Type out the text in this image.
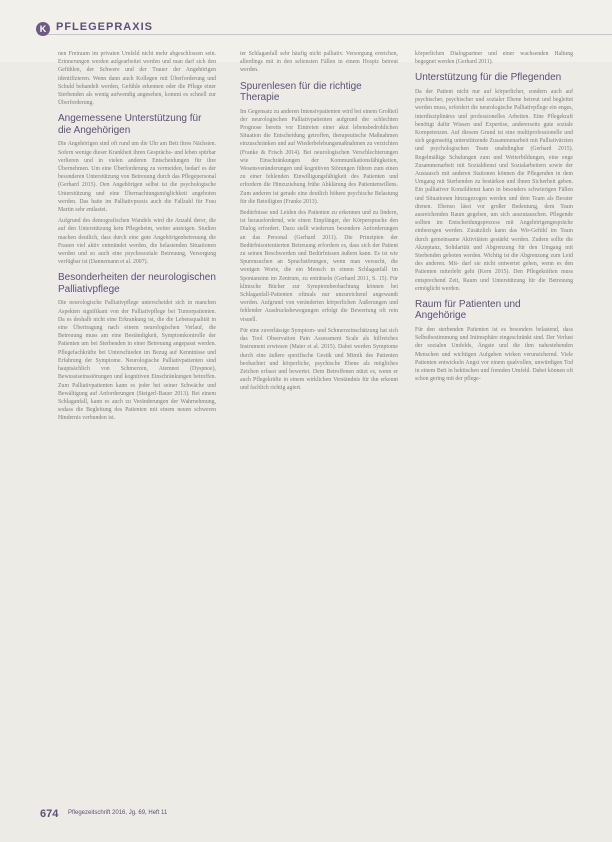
K PFLEGEPRAXIS

nen Freiraum im privaten Umfeld nicht mehr abgeschlossen sein. Erinnerungen werden aufgearbeitet werden und man darf sich den Gefühlen, der Schwere und der Trauer der Angehörigen identifizieren. Wenn dann auch Kollegen mit Überforderung und Schuld behandelt werden, Gefühle erkennen oder die Pflege einer Sterbenden als wenig aufwendig angesehen, kommt es schnell zur Überforderung.

Angemessene Unterstützung für die Angehörigen

Die Angehörigen sind oft rund um die Uhr am Bett ihres Nächsten. Sofern wenige dieser Krankheit ihren Gesprächs- und leben spürbar verlieren und in vielen anderen Entscheidungen für ihre Übernehmen. Um eine Überforderung zu vermeiden, bedarf es der besonderen Unterstützung von Betreuung durch das Pflegepersonal (Gerhard 2015). Den Angehörigen selbst ist die psychologische Unterstützung und eine Übernachtungsmöglichkeit angeboten werden. Das hatte im Palliativpraxis auch die Fallzahl für Frau Martin sehr entlastet.

Aufgrund des demografischen Wandels wird die Anzahl derer, die auf den Unterstützung kein Pflegeheim, weiter ansteigen. Studien machen deutlich, dass durch eine gute Angehörigenbetreuung die Frauen viel aktiv entmündet werden, die belastenden Situationen werden und so auch eine psychosoziale Betreuung, Versorgung verfügbar ist (Dannemann et al. 2007).

Besonderheiten der neurologischen Palliativpflege

Die neurologische Palliativpflege unterscheidet sich in manchen Aspekten signifikant von der Palliativpflege bei Tumorpatienten. Da es deshalb nicht eine Erkrankung ist, die die Lebensqualität in eine Übertragung nach einem neurologischen Verlauf, die Betreuung muss am eine Beständigkeit, Symptomkontrolle der Patienten um bei Sterbenden in einer Betreuung angepasst werden. Pflegefachkräfte bei Unterschieden im Bezug auf Kenntnisse und Erfahrung der Symptome. Neurologische Palliativpatienten sind hauptsächlich von Schmerzen, Atemnot (Dyspnoe), Bewusstseinsstörungen und kognitiven Einschränkungen betroffen. Zum Palliativpatienten kann es jeder bei seiner Schwäche und Bewältigung auf Anforderungen (Steigerl-Bauer 2013). Bei einem Schlaganfall, kann es auch zu Veränderungen der Wahrnehmung, sodass die Begleitung des Patienten mit einem neuen schweren Hindernis verbunden ist.

ter Schlaganfall sehr häufig nicht palliativ. Versorgung erreichen, allerdings mit in den seltensten Fällen in einem Hospiz betreut werden.

Spurenlesen für die richtige Therapie

Im Gegensatz zu anderen Intensivpatienten wird bei einem Großteil der neurologischen Palliativpatienten aufgrund der schlechten Prognose bereits vor Eintreten einer akut lebensbedrohlichen Situation die Entscheidung getroffen, therapeutische Maßnahmen einzuschränken und auf Wiederbelebungsmaßnahmen zu verzichten (Franke & Frisch 2014). Bei neurologischen Verschlechterungen wie Einschränkungen der Kommunikationsfähigkeiten, Wesensveränderungen und kognitiven Störungen führen zum einen zu einer fehlenden Einwilligungsfähigkeit des Patienten und erfordern die Hinzuziehung frühe Abklärung des Patientenwillens. Zum anderen ist gerade eine deutlich höhere psychische Belastung für die Beteiligten (Franke 2013).

Bedürfnisse und Leiden des Patienten zu erkennen und zu lindern, ist herausfordernd, wie einen Empfänger, der Körpersprache den Dialog erfordert. Dazu stellt wiederum besondere Anforderungen an das Personal (Gerhard 2011). Die Prinzipien der Bedürfnisorientierten Betreuung erfordern es, dass sich der Patient zu seinen Beschwerden und Bedürfnissen äußern kann. Es ist wie Spurensuchen an Sprachstörungen, wenn man versucht, die wenigen Worte, die ein Mensch in einem Schlaganfall im Spontansinn im Zentrum, zu enträtseln (Gerhard 2011, S. 15). Für klinische Bücher zur Symptombeobachtung können bei Schlaganfall-Patienten oftmals nur unzureichend angewandt werden. Aufgrund von veränderten körperlichen Äußerungen und fehlender Ausdrucksbewegungen erfolgt die Bewertung oft rein visuell.

Für eine zuverlässige Symptom- und Schmerzeinschätzung hat sich das Tool Observation Pain Assessment Scale als hilfreiches Instrument erwiesen (Maier et al. 2015). Dabei werden Symptome durch eine äußere spezifische Gestik und Mimik des Patienten beobachtet und körperliche, psychische Ebene als mögliches Zeichen erfasst und bewertet. Dem Betroffenen nützt es, wenn er auch Pflegekräfte in einem wirklichen Verständnis für ihn erkennt und fachlich richtig agiert.

körperlichen Dialogpartner und einer wachsenden Haltung begegnet werden (Gerhard 2011).

Unterstützung für die Pflegenden

Da der Patient nicht nur auf körperlicher, sondern auch auf psychischer, psychischer und sozialer Ebene betreut und begleitet werden muss, erfordert die neurologische Palliativpflege ein enges, interdisziplinäres und professionelles Arbeiten. Eine Pflegekraft benötigt dafür Wissen und Expertise, andererseits gute soziale Kompetenzen. Auf diesem Grund ist eine multiprofessionelle und sich gegenseitig unterstützende Zusammenarbeit mit Palliativärzten und psychologischen Team unabdingbar (Gerhard 2015). Regelmäßige Schulungen zum und Weiterbildungen, eine enge Zusammenarbeit mit Sozialdienst und Sozialarbeitern sowie der Austausch mit anderen Stationen können die Pflegenden in dem Umgang mit Sterbenden zu bestärken und ihnen Sicherheit geben. Ein palliativer Konsildienst kann in besonders schwierigen Fällen und Situationen hinzugezogen werden und dem Team als Berater dienen. Ebenso lässt vor großer Bedeutung, dem Team ausreichenden Raum gegeben, um sich auszutauschen. Pflegende sollten im Entscheidungsprozess mit Angehörigengespräche einbezogen werden. Zusätzlich kann das Wir-Gefühl im Team durch gemeinsame Aktivitäten gestärkt werden. Zudem sollte die Akzeptanz, Solidarität und Abgrenzung für den Umgang mit Sterbenden geboten werden. Wichtig ist die Abgrenzung zum Leid des anderen. Mit- darf sie nicht entwertet gehen, wenn es den Patienten miterlebt geht (Kern 2015). Den Pflegekräften muss entsprechend Zeit, Raum und Unterstützung für die Betreuung ermöglicht werden.

Raum für Patienten und Angehörige

Für den sterbenden Patienten ist es besonders belastend, dass Selbstbestimmung und Intimsphäre eingeschränkt sind. Der Verlust der sozialen Umfelds, Ängste und die ihm nahestehenden Menschen und wichtigen Aufgaben wirken verunsichernd. Viele Patienten entwickeln Angst vor einem qualvollen, unwürdigen Tod in einem Bett in hektischen und fremden Umfeld. Dabei können oft schon gering mit der pflege-

674 Pflegezeitschrift 2016, Jg. 69, Heft 11
